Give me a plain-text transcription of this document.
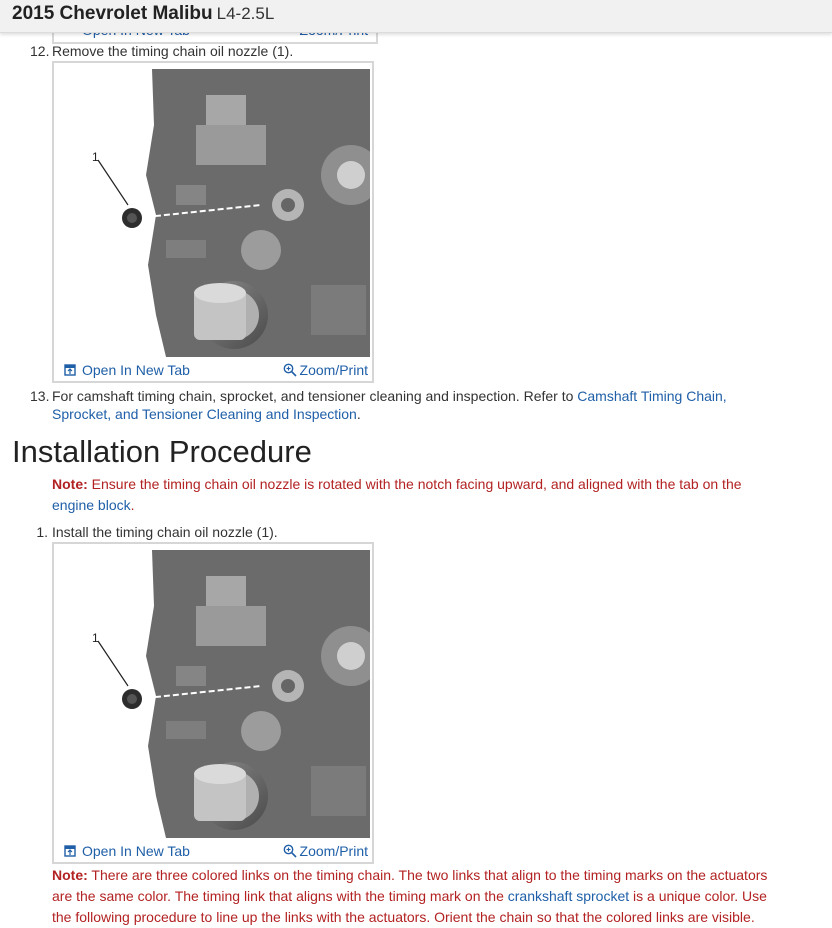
2015 Chevrolet Malibu L4-2.5L
12. Remove the timing chain oil nozzle (1).
1
Open In New Tab	Zoom/Print
13. For camshaft timing chain, sprocket, and tensioner cleaning and inspection. Refer to Camshaft Timing Chain,
Sprocket, and Tensioner Cleaning and Inspection.
Installation Procedure
Note: Ensure the timing chain oil nozzle is rotated with the notch facing upward, and aligned with the tab on the
engine block.
1. Install the timing chain oil nozzle (1).
1
Open In New Tab	Zoom/Print
Note: There are three colored links on the timing chain. The two links that align to the timing marks on the actuators
are the same color. The timing link that aligns with the timing mark on the crankshaft sprocket is a unique color. Use
the following procedure to line up the links with the actuators. Orient the chain so that the colored links are visible.
